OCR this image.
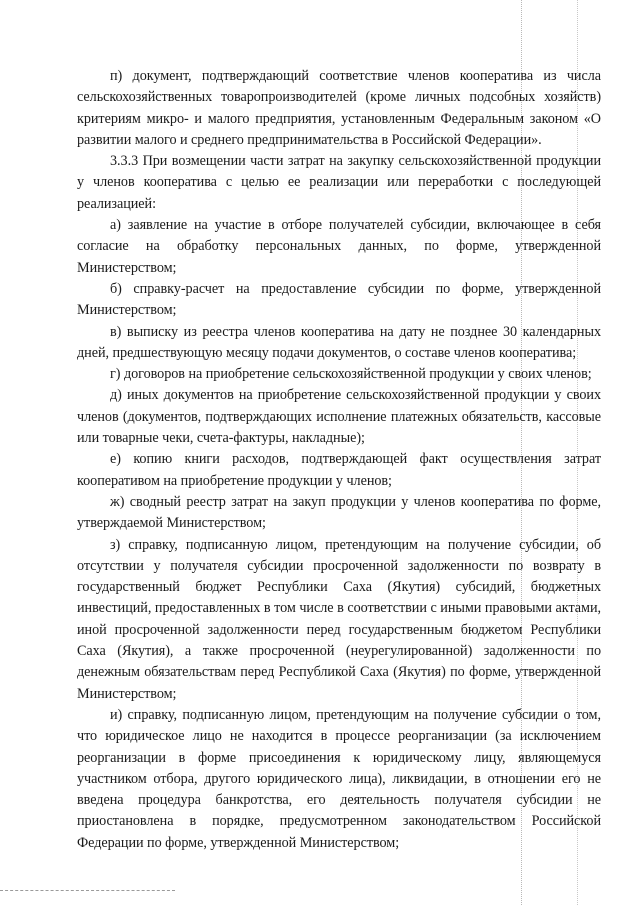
п) документ, подтверждающий соответствие членов кооператива из числа сельскохозяйственных товаропроизводителей (кроме личных подсобных хозяйств) критериям микро- и малого предприятия, установленным Федеральным законом «О развитии малого и среднего предпринимательства в Российской Федерации».

3.3.3 При возмещении части затрат на закупку сельскохозяйственной продукции у членов кооператива с целью ее реализации или переработки с последующей реализацией:

а) заявление на участие в отборе получателей субсидии, включающее в себя согласие на обработку персональных данных, по форме, утвержденной Министерством;

б) справку-расчет на предоставление субсидии по форме, утвержденной Министерством;

в) выписку из реестра членов кооператива на дату не позднее 30 календарных дней, предшествующую месяцу подачи документов, о составе членов кооператива;

г) договоров на приобретение сельскохозяйственной продукции у своих членов;

д) иных документов на приобретение сельскохозяйственной продукции у своих членов (документов, подтверждающих исполнение платежных обязательств, кассовые или товарные чеки, счета-фактуры, накладные);

е) копию книги расходов, подтверждающей факт осуществления затрат кооперативом на приобретение продукции у членов;

ж) сводный реестр затрат на закуп продукции у членов кооператива по форме, утверждаемой Министерством;

з) справку, подписанную лицом, претендующим на получение субсидии, об отсутствии у получателя субсидии просроченной задолженности по возврату в государственный бюджет Республики Саха (Якутия) субсидий, бюджетных инвестиций, предоставленных в том числе в соответствии с иными правовыми актами, иной просроченной задолженности перед государственным бюджетом Республики Саха (Якутия), а также просроченной (неурегулированной) задолженности по денежным обязательствам перед Республикой Саха (Якутия) по форме, утвержденной Министерством;

и) справку, подписанную лицом, претендующим на получение субсидии о том, что юридическое лицо не находится в процессе реорганизации (за исключением реорганизации в форме присоединения к юридическому лицу, являющемуся участником отбора, другого юридического лица), ликвидации, в отношении его не введена процедура банкротства, его деятельность получателя субсидии не приостановлена в порядке, предусмотренном законодательством Российской Федерации по форме, утвержденной Министерством;
